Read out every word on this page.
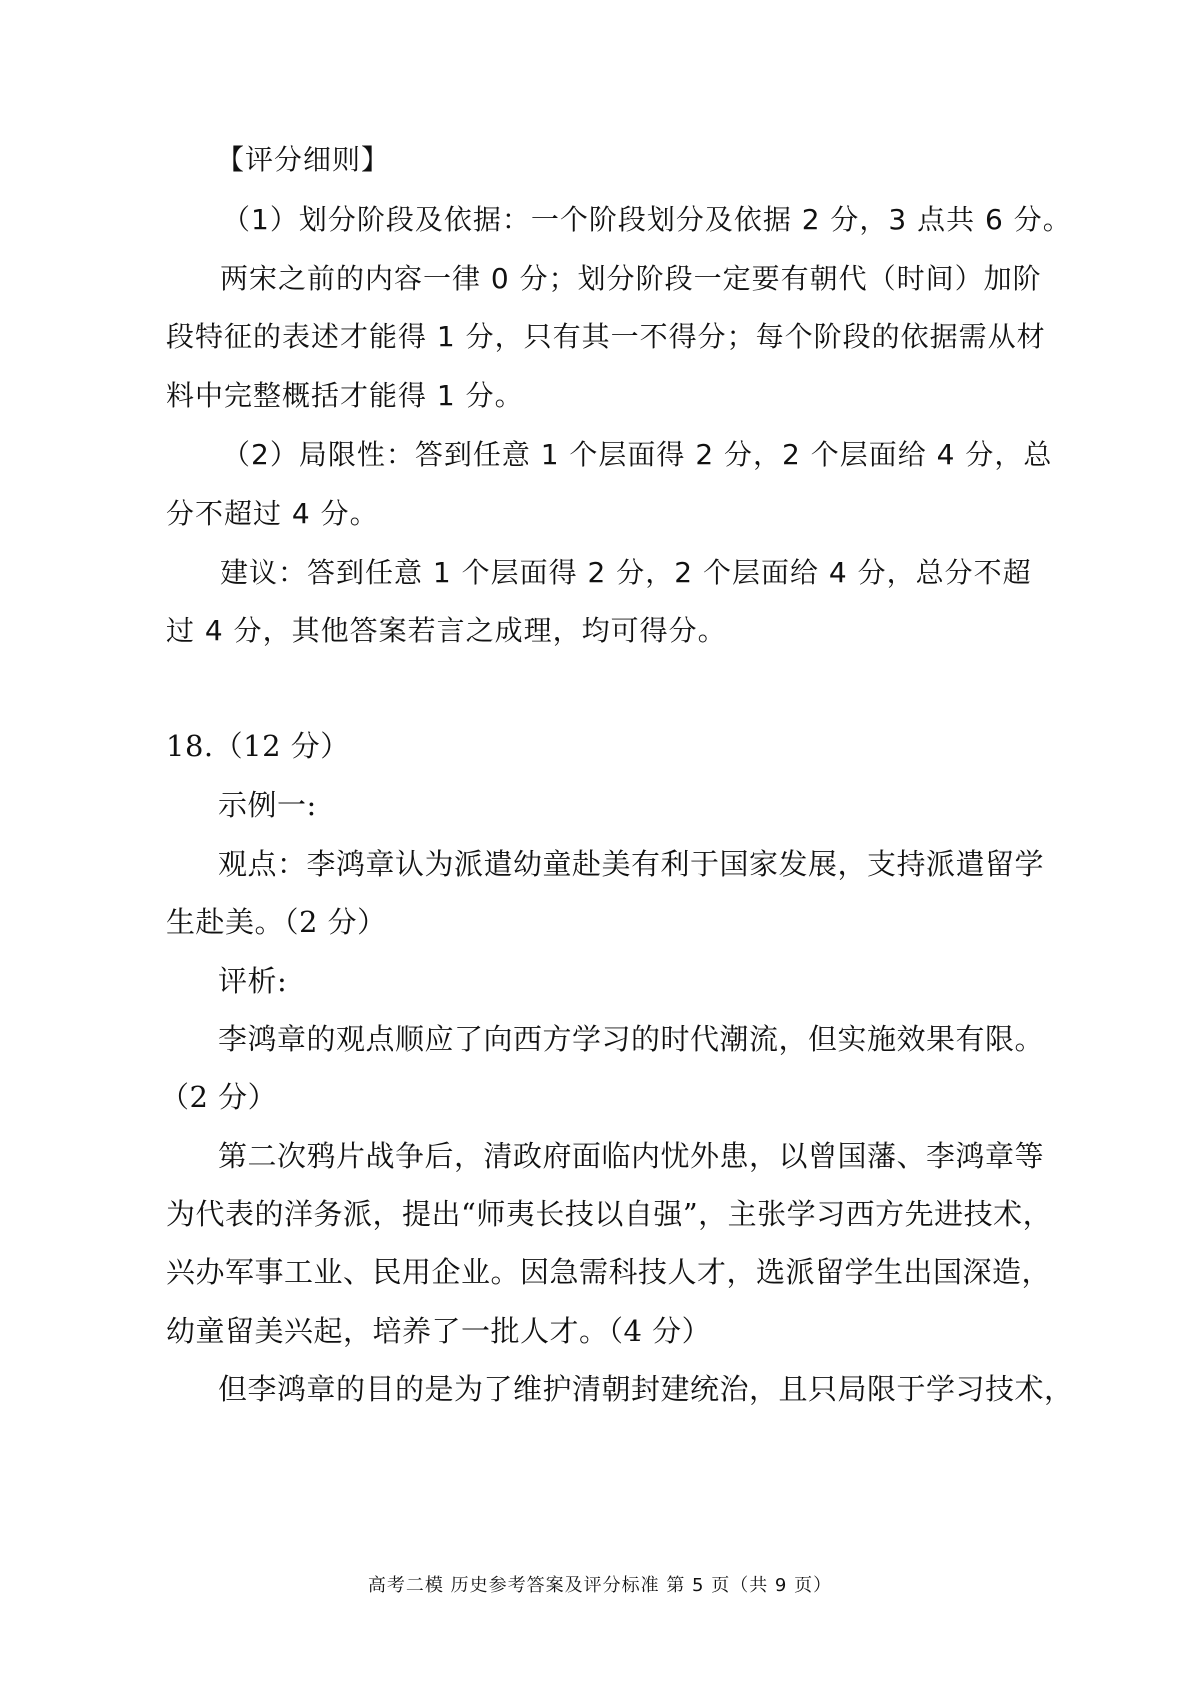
【评分细则】
（1）划分阶段及依据：一个阶段划分及依据 2 分，3 点共 6 分。
两宋之前的内容一律 0 分；划分阶段一定要有朝代（时间）加阶
段特征的表述才能得 1 分，只有其一不得分；每个阶段的依据需从材
料中完整概括才能得 1 分。
（2）局限性：答到任意 1 个层面得 2 分，2 个层面给 4 分，总
分不超过 4 分。
建议：答到任意 1 个层面得 2 分，2 个层面给 4 分，总分不超
过 4 分，其他答案若言之成理，均可得分。
18.（12 分）
示例一:
观点：李鸿章认为派遣幼童赴美有利于国家发展，支持派遣留学
生赴美。（2 分）
评析:
李鸿章的观点顺应了向西方学习的时代潮流，但实施效果有限。
（2 分）
第二次鸦片战争后，清政府面临内忧外患，以曾国藩、李鸿章等
为代表的洋务派，提出“师夷长技以自强”，主张学习西方先进技术，
兴办军事工业、民用企业。因急需科技人才，选派留学生出国深造，
幼童留美兴起，培养了一批人才。（4 分）
但李鸿章的目的是为了维护清朝封建统治，且只局限于学习技术，
高考二模 历史参考答案及评分标准 第 5 页（共 9 页）
